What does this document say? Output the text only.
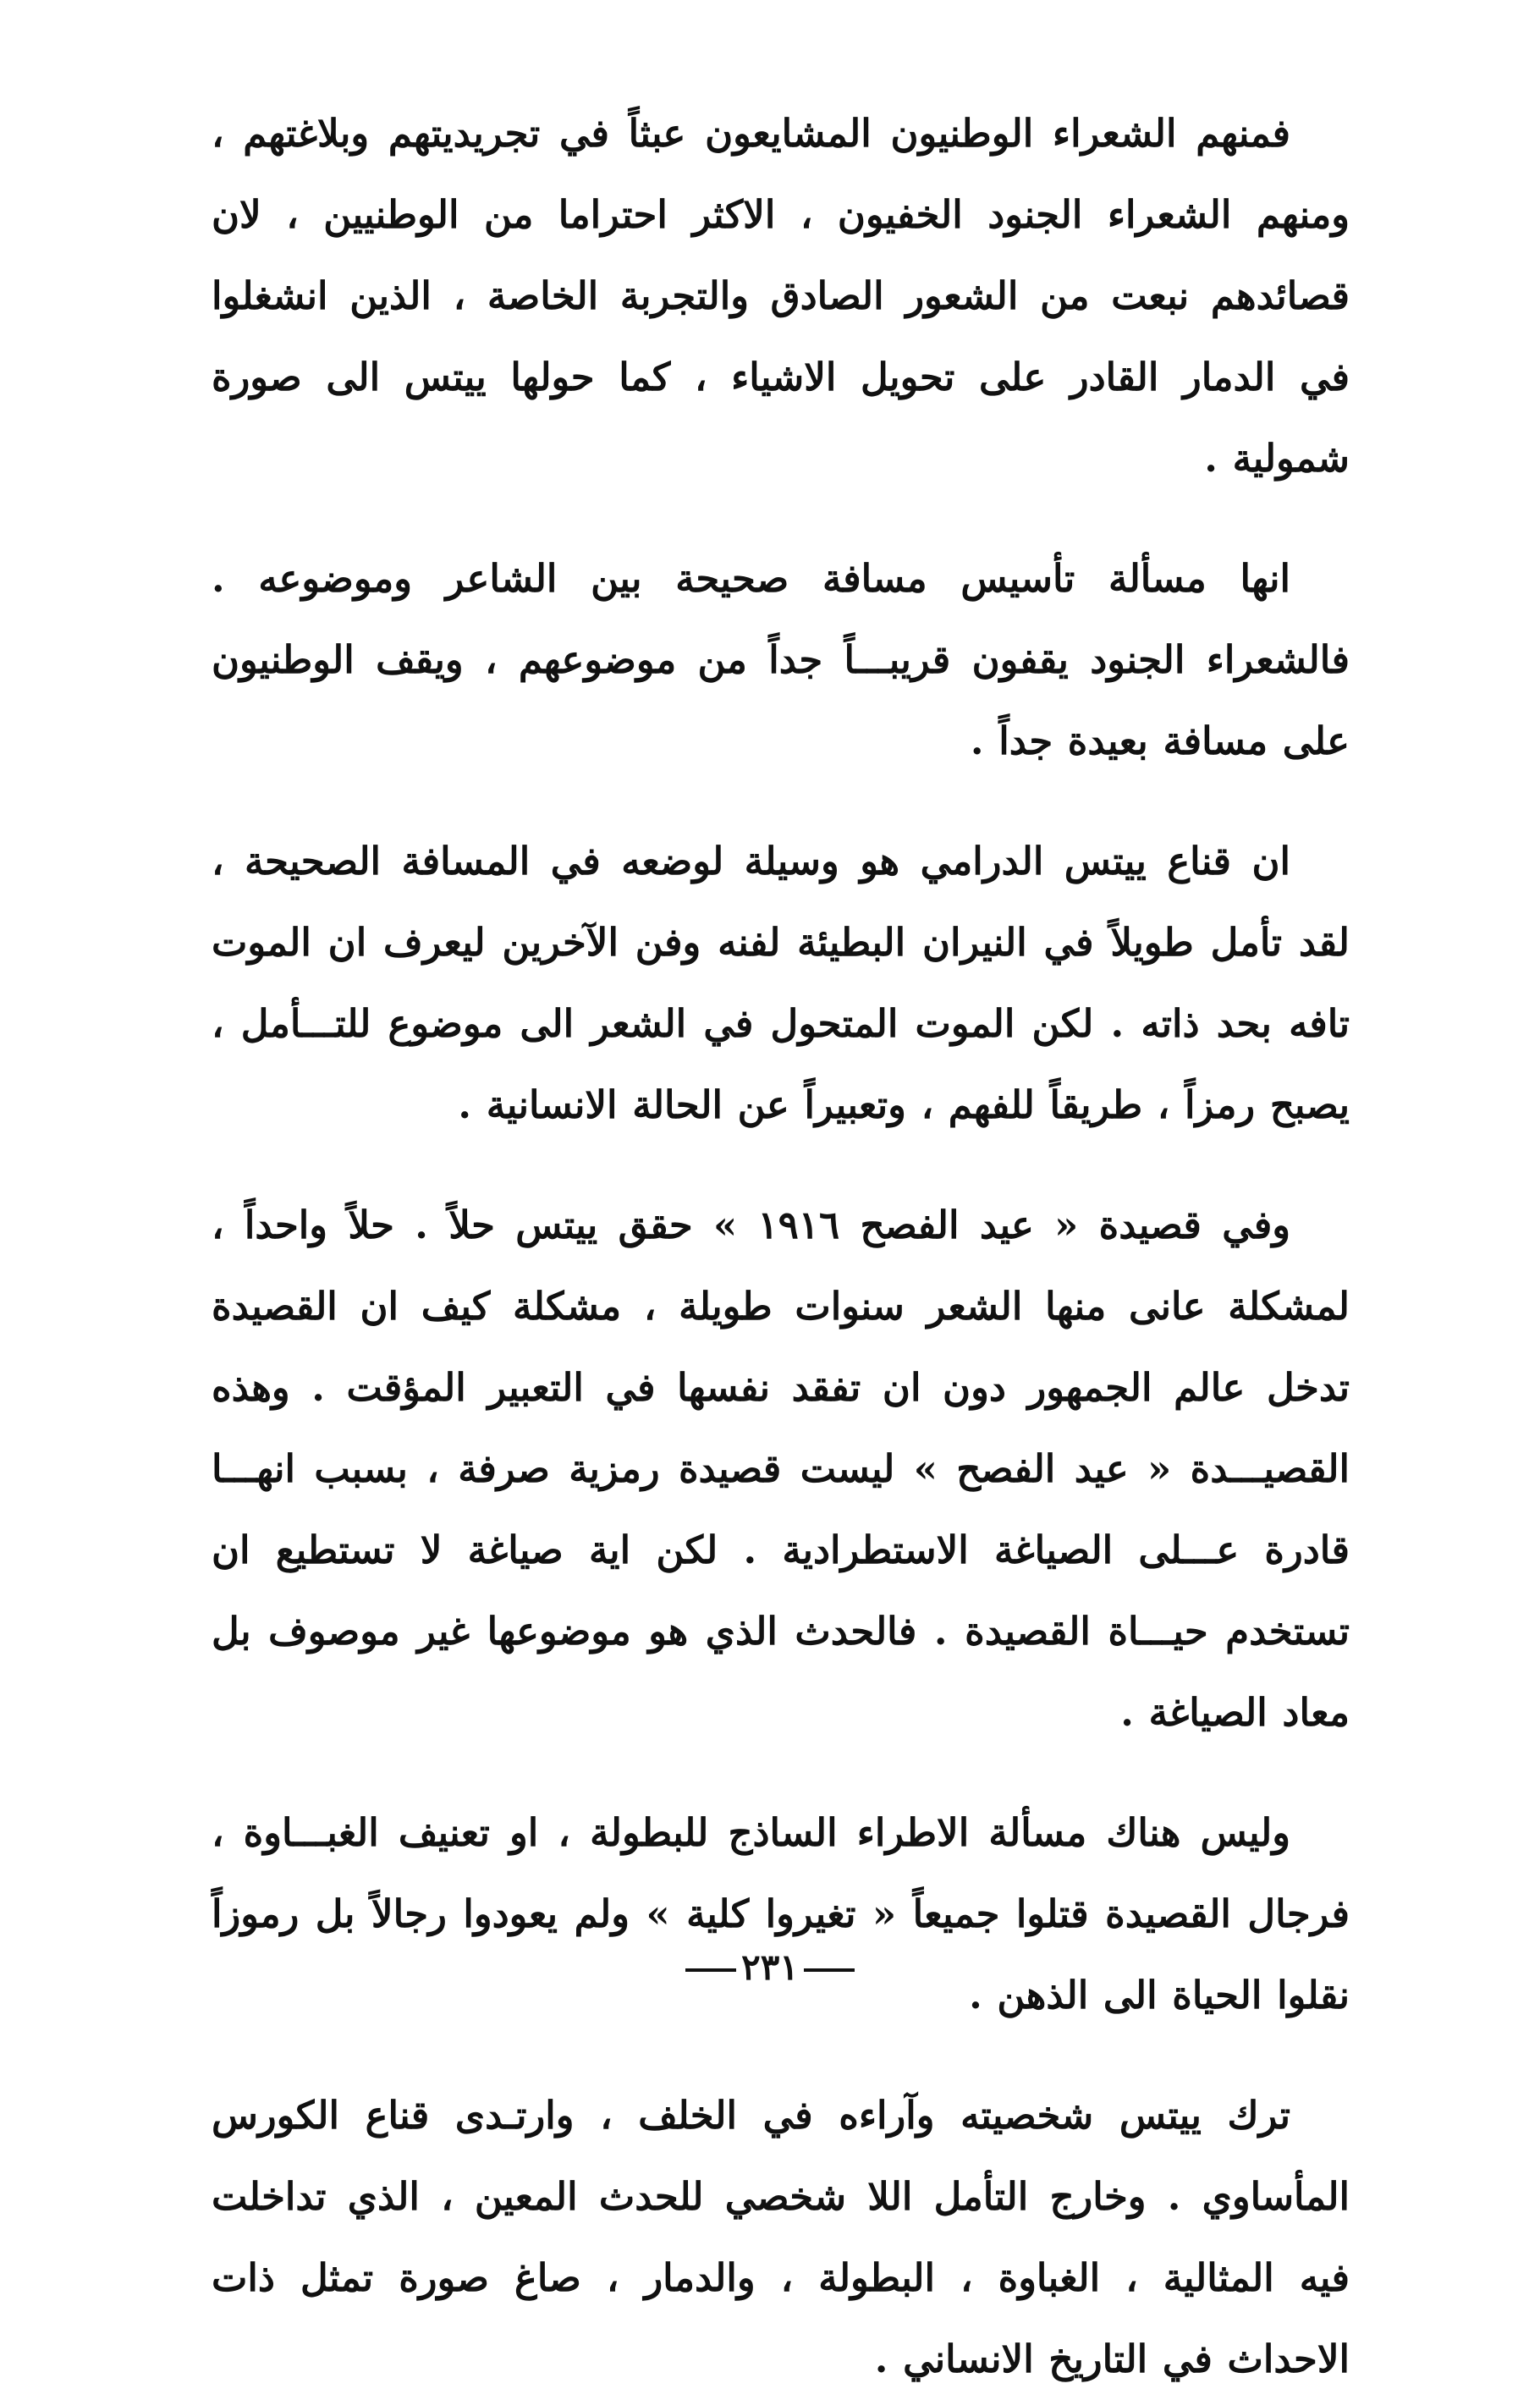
فمنهم الشعراء الوطنيون المشايعون عبثاً في تجريديتهم وبلاغتهم ، ومنهم الشعراء الجنود الخفيون ، الاكثر احتراما من الوطنيين ، لان قصائدهم نبعت من الشعور الصادق والتجربة الخاصة ، الذين انشغلوا في الدمار القادر على تحويل الاشياء ، كما حولها ييتس الى صورة شمولية .

انها مسألة تأسيس مسافة صحيحة بين الشاعر وموضوعه . فالشعراء الجنود يقفون قريبـــاً جداً من موضوعهم ، ويقف الوطنيون على مسافة بعيدة جداً .

ان قناع ييتس الدرامي هو وسيلة لوضعه في المسافة الصحيحة ، لقد تأمل طويلاً في النيران البطيئة لفنه وفن الآخرين ليعرف ان الموت تافه بحد ذاته . لكن الموت المتحول في الشعر الى موضوع للتـــأمل ، يصبح رمزاً ، طريقاً للفهم ، وتعبيراً عن الحالة الانسانية .

وفي قصيدة « عيد الفصح ١٩١٦ » حقق ييتس حلاً . حلاً واحداً ، لمشكلة عانى منها الشعر سنوات طويلة ، مشكلة كيف ان القصيدة تدخل عالم الجمهور دون ان تفقد نفسها في التعبير المؤقت . وهذه القصيـــدة « عيد الفصح » ليست قصيدة رمزية صرفة ، بسبب انهـــا قادرة عـــلى الصياغة الاستطرادية . لكن اية صياغة لا تستطيع ان تستخدم حيـــاة القصيدة . فالحدث الذي هو موضوعها غير موصوف بل معاد الصياغة .

وليس هناك مسألة الاطراء الساذج للبطولة ، او تعنيف الغبـــاوة ، فرجال القصيدة قتلوا جميعاً « تغيروا كلية » ولم يعودوا رجالاً بل رموزاً نقلوا الحياة الى الذهن .

ترك ييتس شخصيته وآراءه في الخلف ، وارتـدى قناع الكورس المأساوي . وخارج التأمل اللا شخصي للحدث المعين ، الذي تداخلت فيه المثالية ، الغباوة ، البطولة ، والدمار ، صاغ صورة تمثل ذات الاحداث في التاريخ الانساني .

٢٣١
